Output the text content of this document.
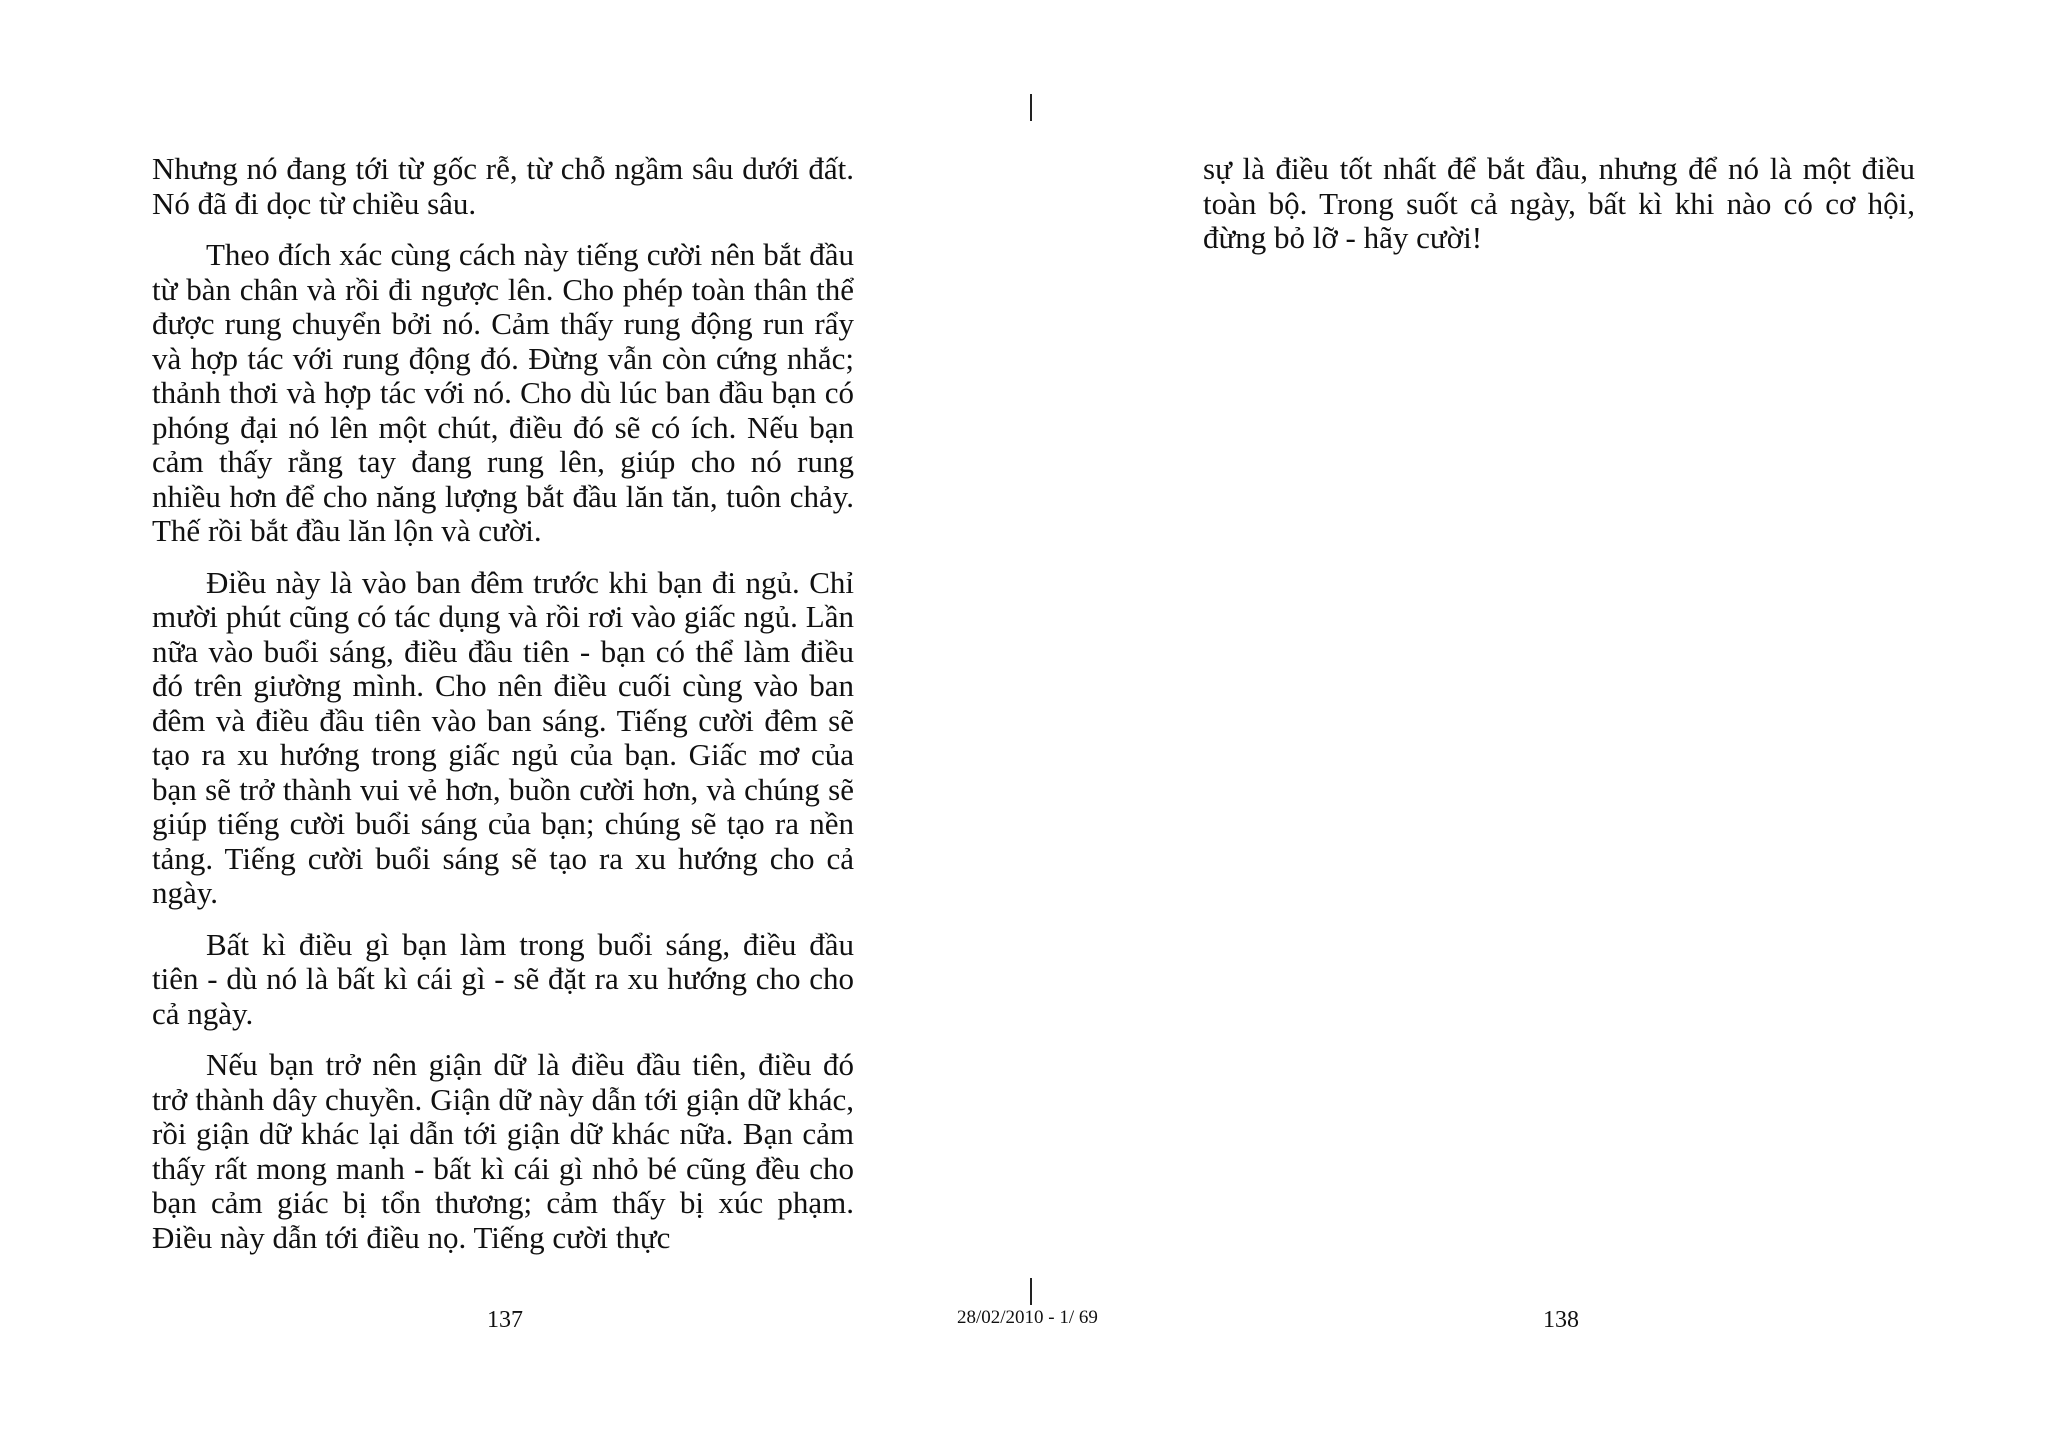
Nhưng nó đang tới từ gốc rễ, từ chỗ ngầm sâu dưới đất. Nó đã đi dọc từ chiều sâu.

Theo đích xác cùng cách này tiếng cười nên bắt đầu từ bàn chân và rồi đi ngược lên. Cho phép toàn thân thể được rung chuyển bởi nó. Cảm thấy rung động run rẩy và hợp tác với rung động đó. Đừng vẫn còn cứng nhắc; thảnh thơi và hợp tác với nó. Cho dù lúc ban đầu bạn có phóng đại nó lên một chút, điều đó sẽ có ích. Nếu bạn cảm thấy rằng tay đang rung lên, giúp cho nó rung nhiều hơn để cho năng lượng bắt đầu lăn tăn, tuôn chảy. Thế rồi bắt đầu lăn lộn và cười.

Điều này là vào ban đêm trước khi bạn đi ngủ. Chỉ mười phút cũng có tác dụng và rồi rơi vào giấc ngủ. Lần nữa vào buổi sáng, điều đầu tiên - bạn có thể làm điều đó trên giường mình. Cho nên điều cuối cùng vào ban đêm và điều đầu tiên vào ban sáng. Tiếng cười đêm sẽ tạo ra xu hướng trong giấc ngủ của bạn. Giấc mơ của bạn sẽ trở thành vui vẻ hơn, buồn cười hơn, và chúng sẽ giúp tiếng cười buổi sáng của bạn; chúng sẽ tạo ra nền tảng. Tiếng cười buổi sáng sẽ tạo ra xu hướng cho cả ngày.

Bất kì điều gì bạn làm trong buổi sáng, điều đầu tiên - dù nó là bất kì cái gì - sẽ đặt ra xu hướng cho cho cả ngày.

Nếu bạn trở nên giận dữ là điều đầu tiên, điều đó trở thành dây chuyền. Giận dữ này dẫn tới giận dữ khác, rồi giận dữ khác lại dẫn tới giận dữ khác nữa. Bạn cảm thấy rất mong manh - bất kì cái gì nhỏ bé cũng đều cho bạn cảm giác bị tổn thương; cảm thấy bị xúc phạm. Điều này dẫn tới điều nọ. Tiếng cười thực

sự là điều tốt nhất để bắt đầu, nhưng để nó là một điều toàn bộ. Trong suốt cả ngày, bất kì khi nào có cơ hội, đừng bỏ lỡ - hãy cười!

137	28/02/2010 - 1/ 69	138
